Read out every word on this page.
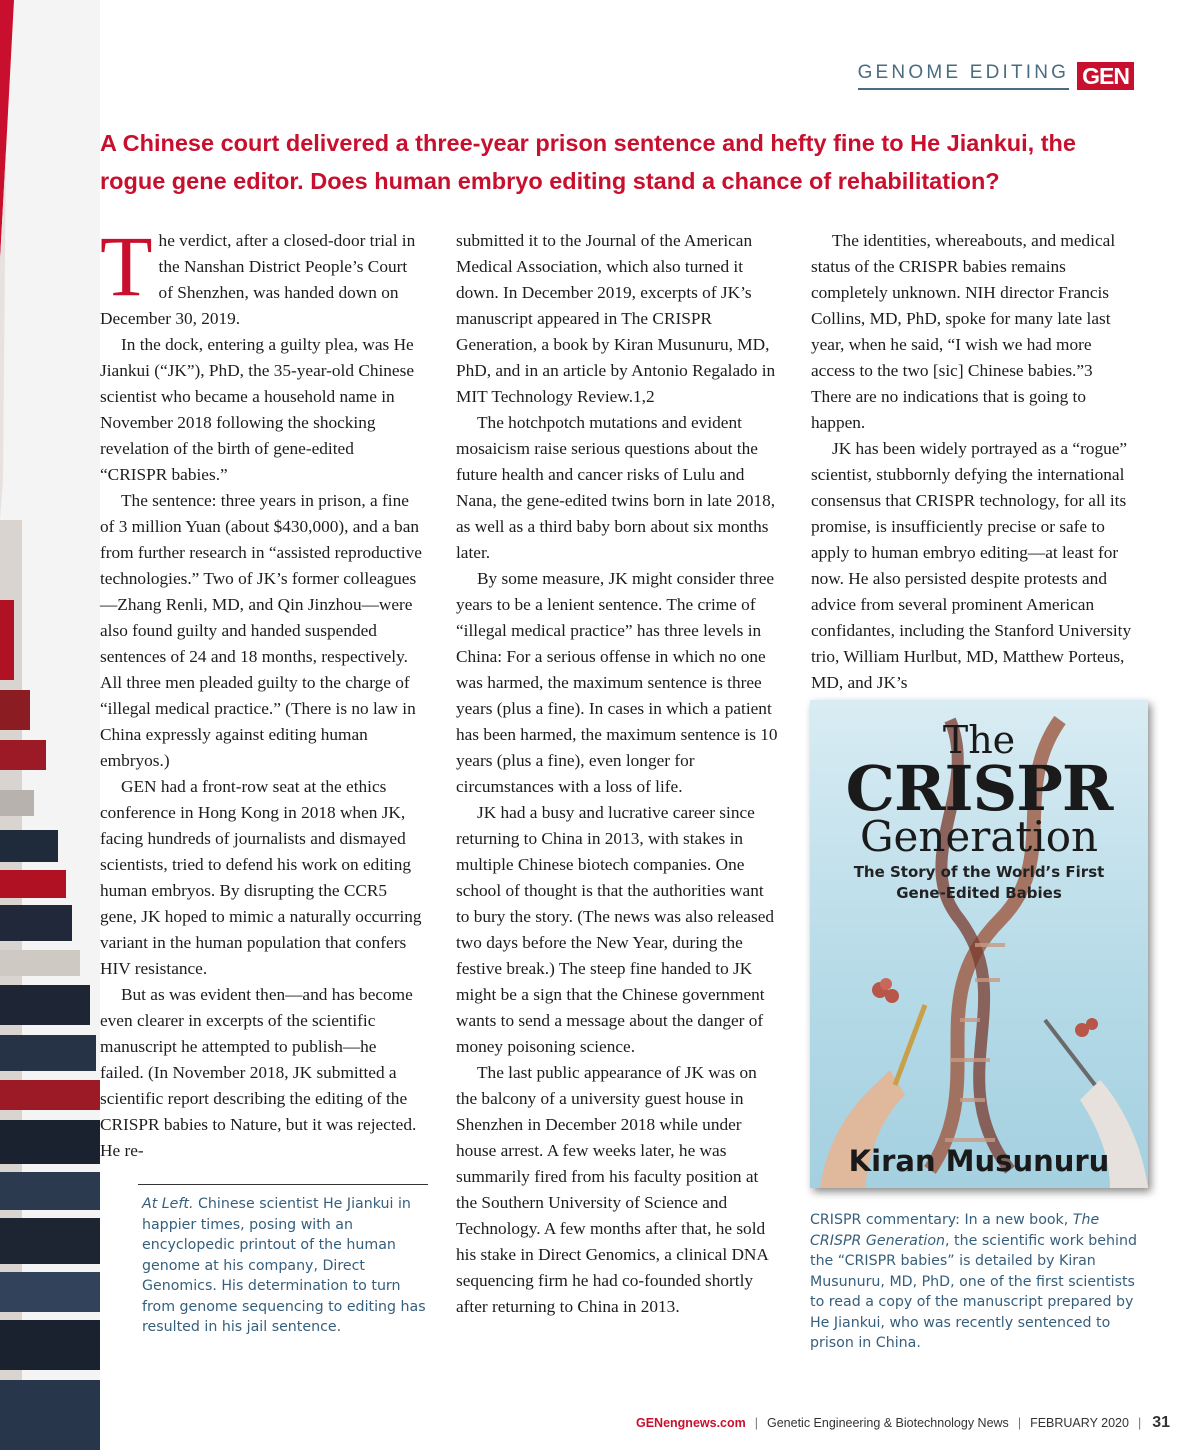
GENOME EDITING GEN
A Chinese court delivered a three-year prison sentence and hefty fine to He Jiankui, the rogue gene editor. Does human embryo editing stand a chance of rehabilitation?

The verdict, after a closed-door trial in the Nanshan District People’s Court of Shenzhen, was handed down on December 30, 2019.

In the dock, entering a guilty plea, was He Jiankui (“JK”), PhD, the 35-year-old Chinese scientist who became a household name in November 2018 following the shocking revelation of the birth of gene-edited “CRISPR babies.”

The sentence: three years in prison, a fine of 3 million Yuan (about $430,000), and a ban from further research in “assisted reproductive technologies.” Two of JK’s former colleagues—Zhang Renli, MD, and Qin Jinzhou—were also found guilty and handed suspended sentences of 24 and 18 months, respectively. All three men pleaded guilty to the charge of “illegal medical practice.” (There is no law in China expressly against editing human embryos.)

GEN had a front-row seat at the ethics conference in Hong Kong in 2018 when JK, facing hundreds of journalists and dismayed scientists, tried to defend his work on editing human embryos. By disrupting the CCR5 gene, JK hoped to mimic a naturally occurring variant in the human population that confers HIV resistance.

But as was evident then—and has become even clearer in excerpts of the scientific manuscript he attempted to publish—he failed. (In November 2018, JK submitted a scientific report describing the editing of the CRISPR babies to Nature, but it was rejected. He re-

submitted it to the Journal of the American Medical Association, which also turned it down. In December 2019, excerpts of JK’s manuscript appeared in The CRISPR Generation, a book by Kiran Musunuru, MD, PhD, and in an article by Antonio Regalado in MIT Technology Review.1,2

The hotchpotch mutations and evident mosaicism raise serious questions about the future health and cancer risks of Lulu and Nana, the gene-edited twins born in late 2018, as well as a third baby born about six months later.

By some measure, JK might consider three years to be a lenient sentence. The crime of “illegal medical practice” has three levels in China: For a serious offense in which no one was harmed, the maximum sentence is three years (plus a fine). In cases in which a patient has been harmed, the maximum sentence is 10 years (plus a fine), even longer for circumstances with a loss of life.

JK had a busy and lucrative career since returning to China in 2013, with stakes in multiple Chinese biotech companies. One school of thought is that the authorities want to bury the story. (The news was also released two days before the New Year, during the festive break.) The steep fine handed to JK might be a sign that the Chinese government wants to send a message about the danger of money poisoning science.

The last public appearance of JK was on the balcony of a university guest house in Shenzhen in December 2018 while under house arrest. A few weeks later, he was summarily fired from his faculty position at the Southern University of Science and Technology. A few months after that, he sold his stake in Direct Genomics, a clinical DNA sequencing firm he had co-founded shortly after returning to China in 2013.

The identities, whereabouts, and medical status of the CRISPR babies remains completely unknown. NIH director Francis Collins, MD, PhD, spoke for many late last year, when he said, “I wish we had more access to the two [sic] Chinese babies.”3 There are no indications that is going to happen.

JK has been widely portrayed as a “rogue” scientist, stubbornly defying the international consensus that CRISPR technology, for all its promise, is insufficiently precise or safe to apply to human embryo editing—at least for now. He also persisted despite protests and advice from several prominent American confidantes, including the Stanford University trio, William Hurlbut, MD, Matthew Porteus, MD, and JK’s

At Left. Chinese scientist He Jiankui in happier times, posing with an encyclopedic printout of the human genome at his company, Direct Genomics. His determination to turn from genome sequencing to editing has resulted in his jail sentence.

The
CRISPR
Generation
The Story of the World’s First Gene-Edited Babies
Kiran Musunuru

CRISPR commentary: In a new book, The CRISPR Generation, the scientific work behind the “CRISPR babies” is detailed by Kiran Musunuru, MD, PhD, one of the first scientists to read a copy of the manuscript prepared by He Jiankui, who was recently sentenced to prison in China.

GENengnews.com | Genetic Engineering & Biotechnology News | FEBRUARY 2020 | 31
